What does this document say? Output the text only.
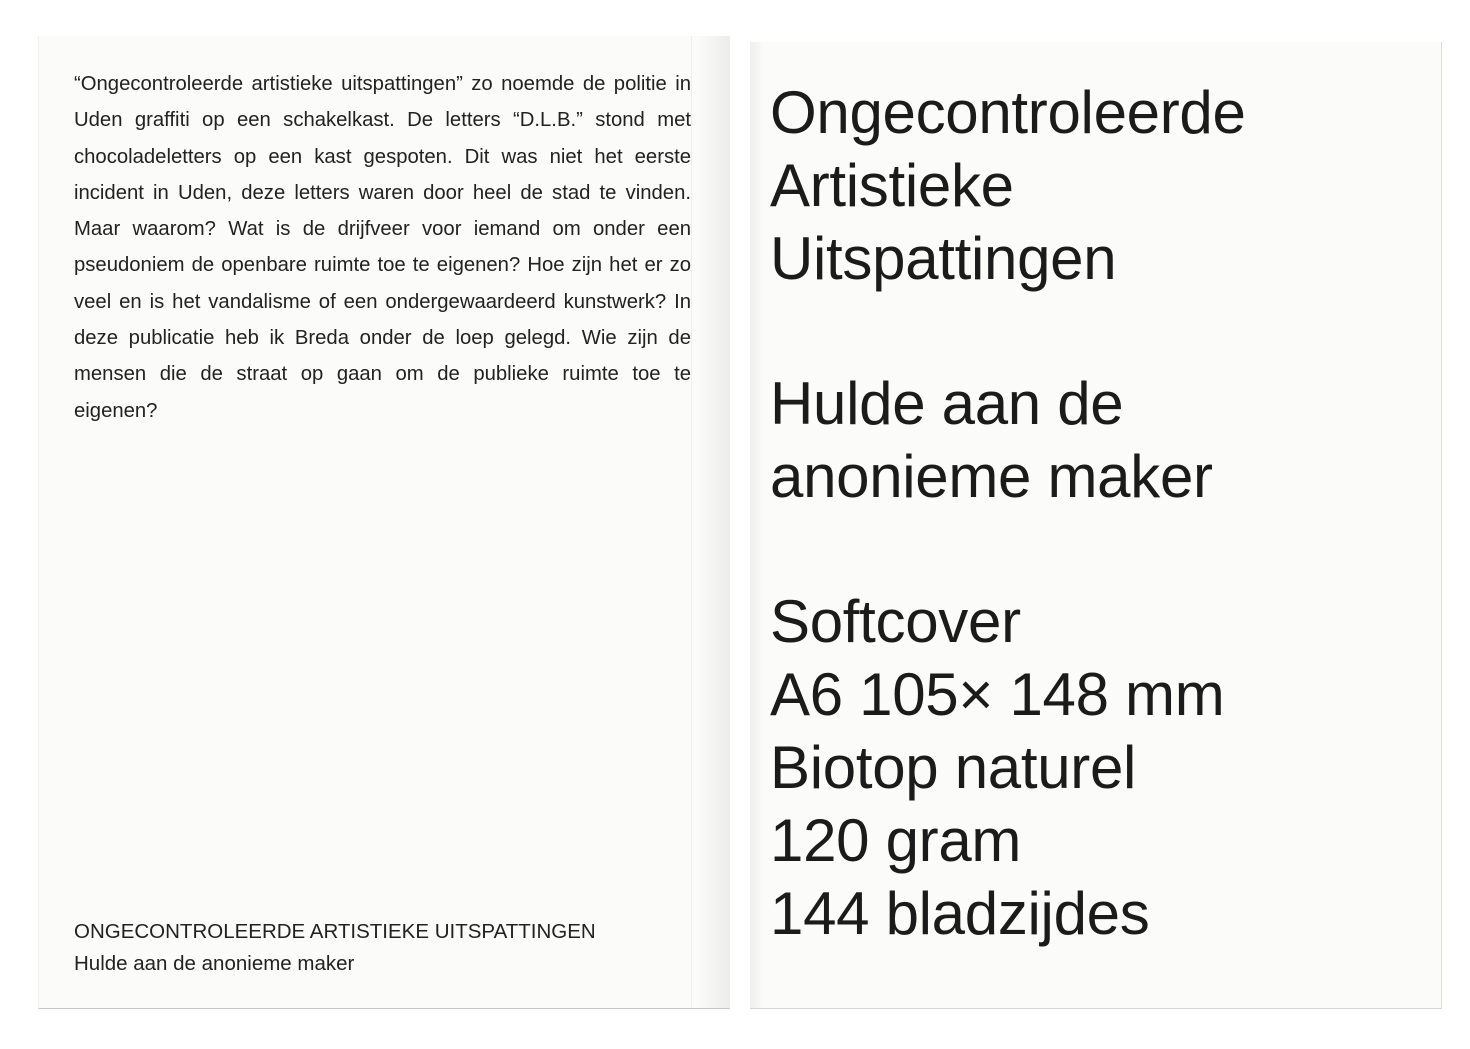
“Ongecontroleerde artistieke uitspattingen” zo noemde de politie in Uden graffiti op een schakelkast. De letters “D.L.B.” stond met chocoladeletters op een kast gespoten. Dit was niet het eerste incident in Uden, deze letters waren door heel de stad te vinden. Maar waarom? Wat is de drijfveer voor iemand om onder een pseudoniem de openbare ruimte toe te eigenen? Hoe zijn het er zo veel en is het vandalisme of een ondergewaardeerd kunstwerk? In deze publicatie heb ik Breda onder de loep gelegd. Wie zijn de mensen die de straat op gaan om de publieke ruimte toe te eigenen?

ONGECONTROLEERDE ARTISTIEKE UITSPATTINGEN
Hulde aan de anonieme maker
Ongecontroleerde
Artistieke
Uitspattingen
Hulde aan de
anonieme maker
Softcover
A6 105× 148 mm
Biotop naturel
120 gram
144 bladzijdes
